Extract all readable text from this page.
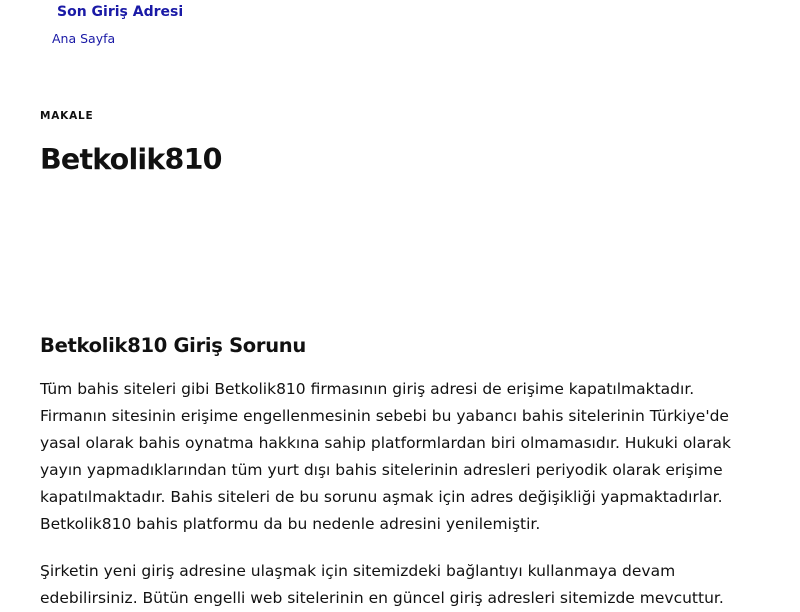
Son Giriş Adresi
Ana Sayfa
MAKALE
Betkolik810
Betkolik810 Giriş Sorunu

Tüm bahis siteleri gibi Betkolik810 firmasının giriş adresi de erişime kapatılmaktadır.
Firmanın sitesinin erişime engellenmesinin sebebi bu yabancı bahis sitelerinin Türkiye'de
yasal olarak bahis oynatma hakkına sahip platformlardan biri olmamasıdır. Hukuki olarak
yayın yapmadıklarından tüm yurt dışı bahis sitelerinin adresleri periyodik olarak erişime
kapatılmaktadır. Bahis siteleri de bu sorunu aşmak için adres değişikliği yapmaktadırlar.
Betkolik810 bahis platformu da bu nedenle adresini yenilemiştir.

Şirketin yeni giriş adresine ulaşmak için sitemizdeki bağlantıyı kullanmaya devam
edebilirsiniz. Bütün engelli web sitelerinin en güncel giriş adresleri sitemizde mevcuttur.
